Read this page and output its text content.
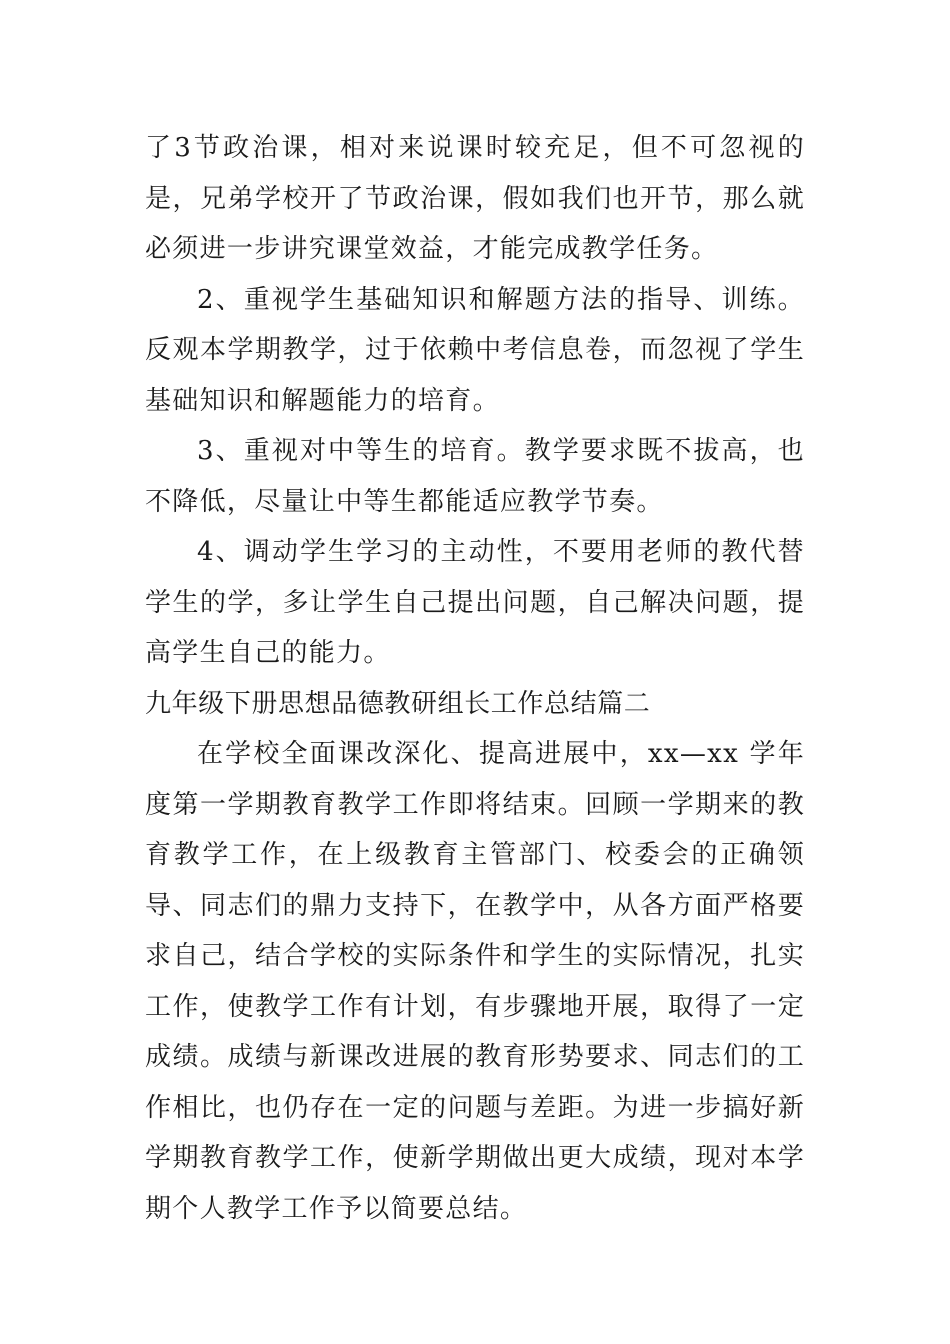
了3节政治课，相对来说课时较充足，但不可忽视的是，兄弟学校开了节政治课，假如我们也开节，那么就必须进一步讲究课堂效益，才能完成教学任务。

2、重视学生基础知识和解题方法的指导、训练。反观本学期教学，过于依赖中考信息卷，而忽视了学生基础知识和解题能力的培育。

3、重视对中等生的培育。教学要求既不拔高，也不降低，尽量让中等生都能适应教学节奏。

4、调动学生学习的主动性，不要用老师的教代替学生的学，多让学生自己提出问题，自己解决问题，提高学生自己的能力。

九年级下册思想品德教研组长工作总结篇二

在学校全面课改深化、提高进展中，xx—xx 学年度第一学期教育教学工作即将结束。回顾一学期来的教育教学工作，在上级教育主管部门、校委会的正确领导、同志们的鼎力支持下，在教学中，从各方面严格要求自己，结合学校的实际条件和学生的实际情况，扎实工作，使教学工作有计划，有步骤地开展，取得了一定成绩。成绩与新课改进展的教育形势要求、同志们的工作相比，也仍存在一定的问题与差距。为进一步搞好新学期教育教学工作，使新学期做出更大成绩，现对本学期个人教学工作予以简要总结。
